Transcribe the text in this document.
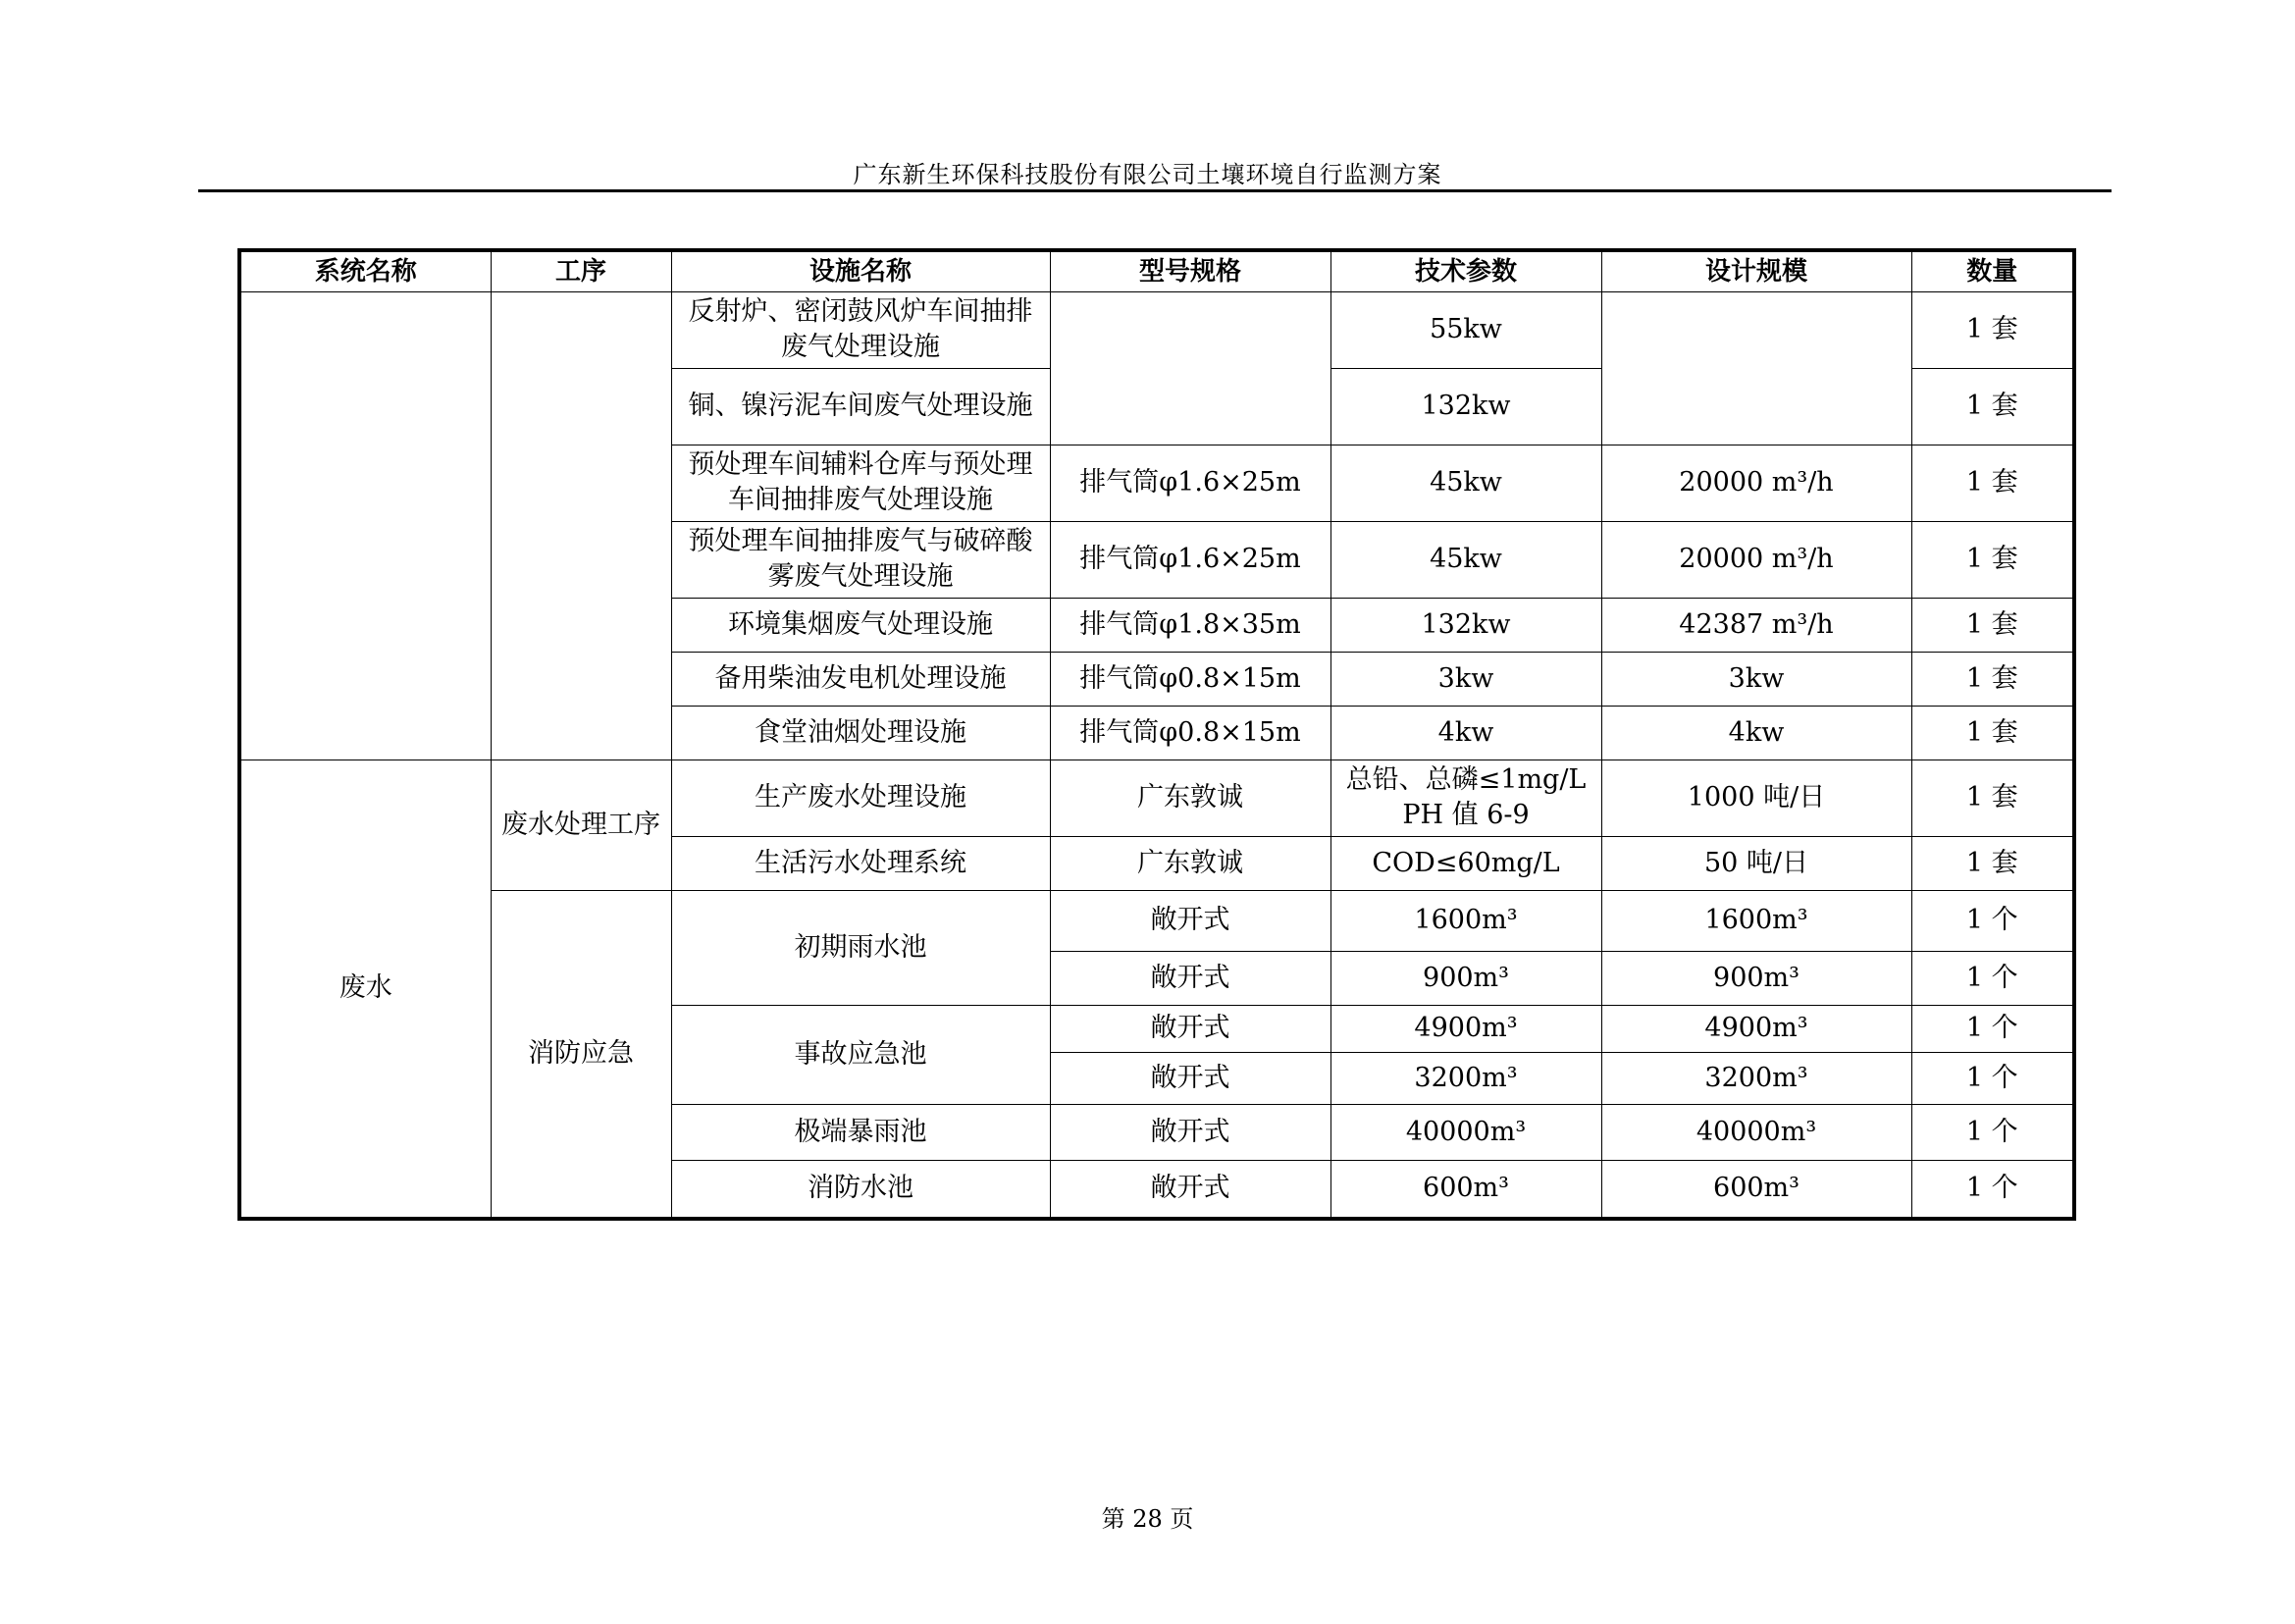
广东新生环保科技股份有限公司土壤环境自行监测方案
系统名称	工序	设施名称	型号规格	技术参数	设计规模	数量
		反射炉、密闭鼓风炉车间抽排废气处理设施		55kw		1 套
		铜、镍污泥车间废气处理设施		132kw		1 套
		预处理车间辅料仓库与预处理车间抽排废气处理设施	排气筒φ1.6×25m	45kw	20000 m³/h	1 套
		预处理车间抽排废气与破碎酸雾废气处理设施	排气筒φ1.6×25m	45kw	20000 m³/h	1 套
		环境集烟废气处理设施	排气筒φ1.8×35m	132kw	42387 m³/h	1 套
		备用柴油发电机处理设施	排气筒φ0.8×15m	3kw	3kw	1 套
		食堂油烟处理设施	排气筒φ0.8×15m	4kw	4kw	1 套
废水	废水处理工序	生产废水处理设施	广东敦诚	总铅、总磷≤1mg/L
PH 值 6-9	1000 吨/日	1 套
		生活污水处理系统	广东敦诚	COD≤60mg/L	50 吨/日	1 套
	消防应急	初期雨水池	敞开式	1600m³	1600m³	1 个
			敞开式	900m³	900m³	1 个
		事故应急池	敞开式	4900m³	4900m³	1 个
			敞开式	3200m³	3200m³	1 个
		极端暴雨池	敞开式	40000m³	40000m³	1 个
		消防水池	敞开式	600m³	600m³	1 个
第 28 页
